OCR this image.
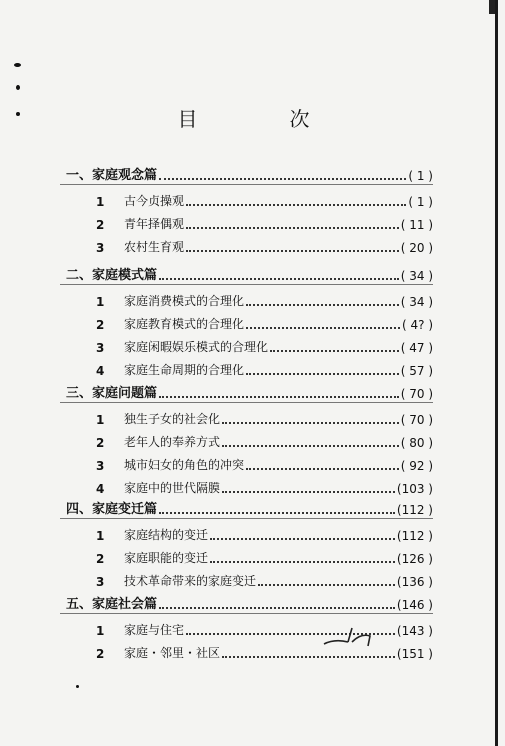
目　次
一、家庭观念篇	( 1 )
1	古今贞操观	( 1 )
2	青年择偶观	( 11 )
3	农村生育观	( 20 )
二、家庭模式篇	( 34 )
1	家庭消费模式的合理化	( 34 )
2	家庭教育模式的合理化	( 4? )
3	家庭闲暇娱乐模式的合理化	( 47 )
4	家庭生命周期的合理化	( 57 )
三、家庭问题篇	( 70 )
1	独生子女的社会化	( 70 )
2	老年人的奉养方式	( 80 )
3	城市妇女的角色的冲突	( 92 )
4	家庭中的世代隔膜	(103 )
四、家庭变迁篇	(112 )
1	家庭结构的变迁	(112 )
2	家庭职能的变迁	(126 )
3	技术革命带来的家庭变迁	(136 )
五、家庭社会篇	(146 )
1	家庭与住宅	(143 )
2	家庭・邻里・社区	(151 )
